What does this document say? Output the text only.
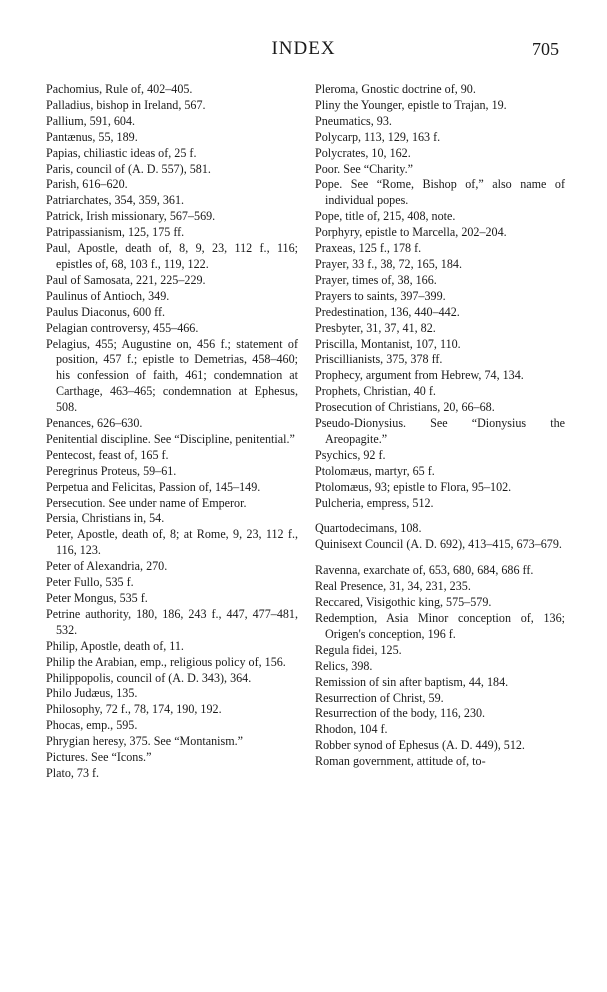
INDEX	705
Pachomius, Rule of, 402–405.
Palladius, bishop in Ireland, 567.
Pallium, 591, 604.
Pantænus, 55, 189.
Papias, chiliastic ideas of, 25 f.
Paris, council of (A. D. 557), 581.
Parish, 616–620.
Patriarchates, 354, 359, 361.
Patrick, Irish missionary, 567–569.
Patripassianism, 125, 175 ff.
Paul, Apostle, death of, 8, 9, 23, 112 f., 116; epistles of, 68, 103 f., 119, 122.
Paul of Samosata, 221, 225–229.
Paulinus of Antioch, 349.
Paulus Diaconus, 600 ff.
Pelagian controversy, 455–466.
Pelagius, 455; Augustine on, 456 f.; statement of position, 457 f.; epistle to Demetrias, 458–460; his confession of faith, 461; condemnation at Carthage, 463–465; condemnation at Ephesus, 508.
Penances, 626–630.
Penitential discipline. See “Discipline, penitential.”
Pentecost, feast of, 165 f.
Peregrinus Proteus, 59–61.
Perpetua and Felicitas, Passion of, 145–149.
Persecution. See under name of Emperor.
Persia, Christians in, 54.
Peter, Apostle, death of, 8; at Rome, 9, 23, 112 f., 116, 123.
Peter of Alexandria, 270.
Peter Fullo, 535 f.
Peter Mongus, 535 f.
Petrine authority, 180, 186, 243 f., 447, 477–481, 532.
Philip, Apostle, death of, 11.
Philip the Arabian, emp., religious policy of, 156.
Philippopolis, council of (A. D. 343), 364.
Philo Judæus, 135.
Philosophy, 72 f., 78, 174, 190, 192.
Phocas, emp., 595.
Phrygian heresy, 375. See “Montanism.”
Pictures. See “Icons.”
Plato, 73 f.
Pleroma, Gnostic doctrine of, 90.
Pliny the Younger, epistle to Trajan, 19.
Pneumatics, 93.
Polycarp, 113, 129, 163 f.
Polycrates, 10, 162.
Poor. See “Charity.”
Pope. See “Rome, Bishop of,” also name of individual popes.
Pope, title of, 215, 408, note.
Porphyry, epistle to Marcella, 202–204.
Praxeas, 125 f., 178 f.
Prayer, 33 f., 38, 72, 165, 184.
Prayer, times of, 38, 166.
Prayers to saints, 397–399.
Predestination, 136, 440–442.
Presbyter, 31, 37, 41, 82.
Priscilla, Montanist, 107, 110.
Priscillianists, 375, 378 ff.
Prophecy, argument from Hebrew, 74, 134.
Prophets, Christian, 40 f.
Prosecution of Christians, 20, 66–68.
Pseudo-Dionysius. See “Dionysius the Areopagite.”
Psychics, 92 f.
Ptolomæus, martyr, 65 f.
Ptolomæus, 93; epistle to Flora, 95–102.
Pulcheria, empress, 512.
Quartodecimans, 108.
Quinisext Council (A. D. 692), 413–415, 673–679.
Ravenna, exarchate of, 653, 680, 684, 686 ff.
Real Presence, 31, 34, 231, 235.
Reccared, Visigothic king, 575–579.
Redemption, Asia Minor conception of, 136; Origen's conception, 196 f.
Regula fidei, 125.
Relics, 398.
Remission of sin after baptism, 44, 184.
Resurrection of Christ, 59.
Resurrection of the body, 116, 230.
Rhodon, 104 f.
Robber synod of Ephesus (A. D. 449), 512.
Roman government, attitude of, to-
